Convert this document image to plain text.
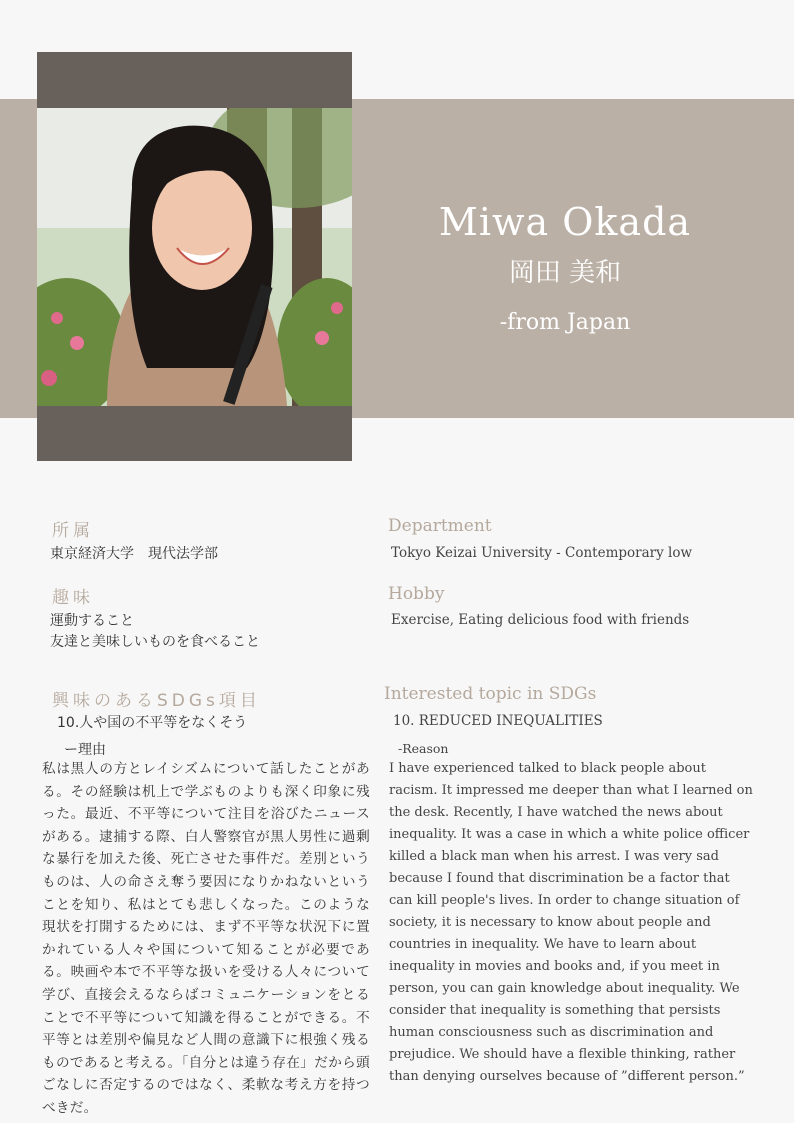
Miwa Okada
岡田 美和
-from Japan
所属
東京経済大学　現代法学部
Department
Tokyo Keizai University - Contemporary low
趣味
運動すること
友達と美味しいものを食べること
Hobby
Exercise, Eating delicious food with friends
興味のあるSDGs項目
10.人や国の不平等をなくそう
ー理由
私は黒人の方とレイシズムについて話したことがある。その経験は机上で学ぶものよりも深く印象に残った。最近、不平等について注目を浴びたニュースがある。逮捕する際、白人警察官が黒人男性に過剰な暴行を加えた後、死亡させた事件だ。差別というものは、人の命さえ奪う要因になりかねないということを知り、私はとても悲しくなった。このような現状を打開するためには、まず不平等な状況下に置かれている人々や国について知ることが必要である。映画や本で不平等な扱いを受ける人々について学び、直接会えるならばコミュニケーションをとることで不平等について知識を得ることができる。不平等とは差別や偏見など人間の意識下に根強く残るものであると考える。「自分とは違う存在」だから頭ごなしに否定するのではなく、柔軟な考え方を持つべきだ。
Interested topic in SDGs
10. REDUCED INEQUALITIES
-Reason
I have experienced talked to black people about racism. It impressed me deeper than what I learned on the desk. Recently, I have watched the news about inequality. It was a case in which a white police officer killed a black man when his arrest. I was very sad because I found that discrimination be a factor that can kill people's lives. In order to change situation of society, it is necessary to know about people and countries in inequality. We have to learn about inequality in movies and books and, if you meet in person, you can gain knowledge about inequality. We consider that inequality is something that persists human consciousness such as discrimination and prejudice. We should have a flexible thinking, rather than denying ourselves because of ”different person.”
